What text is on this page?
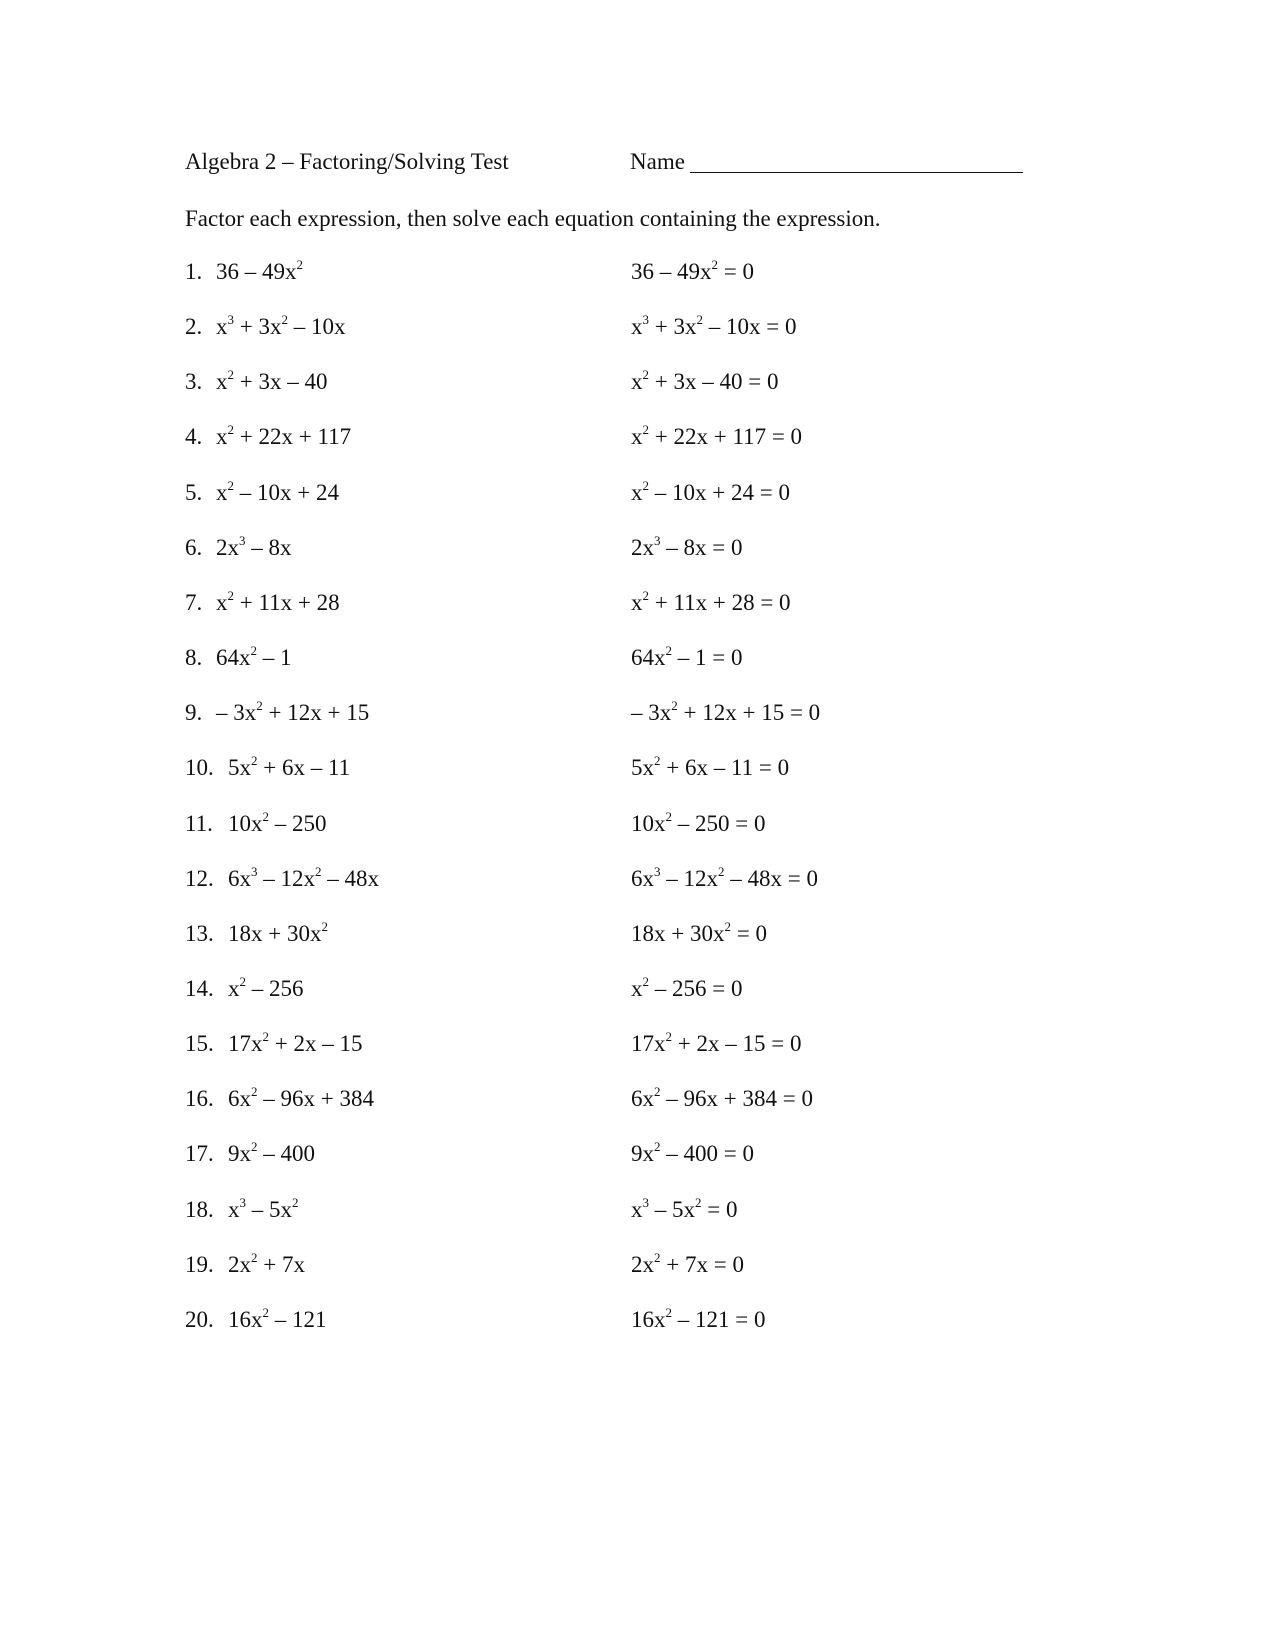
Algebra 2 – Factoring/Solving Test	Name
Factor each expression, then solve each equation containing the expression.
1. $36 - 49x^2$	$36 - 49x^2 = 0$
2. $x^3 + 3x^2 - 10x$	$x^3 + 3x^2 - 10x = 0$
3. $x^2 + 3x - 40$	$x^2 + 3x - 40 = 0$
4. $x^2 + 22x + 117$	$x^2 + 22x + 117 = 0$
5. $x^2 - 10x + 24$	$x^2 - 10x + 24 = 0$
6. $2x^3 - 8x$	$2x^3 - 8x = 0$
7. $x^2 + 11x + 28$	$x^2 + 11x + 28 = 0$
8. $64x^2 - 1$	$64x^2 - 1 = 0$
9. – $3x^2 + 12x + 15$	– $3x^2 + 12x + 15 = 0$
10. $5x^2 + 6x - 11$	$5x^2 + 6x - 11 = 0$
11. $10x^2 - 250$	$10x^2 - 250 = 0$
12. $6x^3 - 12x^2 - 48x$	$6x^3 - 12x^2 - 48x = 0$
13. $18x + 30x^2$	$18x + 30x^2 = 0$
14. $x^2 - 256$	$x^2 - 256 = 0$
15. $17x^2 + 2x - 15$	$17x^2 + 2x - 15 = 0$
16. $6x^2 - 96x + 384$	$6x^2 - 96x + 384 = 0$
17. $9x^2 - 400$	$9x^2 - 400 = 0$
18. $x^3 - 5x^2$	$x^3 - 5x^2 = 0$
19. $2x^2 + 7x$	$2x^2 + 7x = 0$
20. $16x^2 - 121$	$16x^2 - 121 = 0$
